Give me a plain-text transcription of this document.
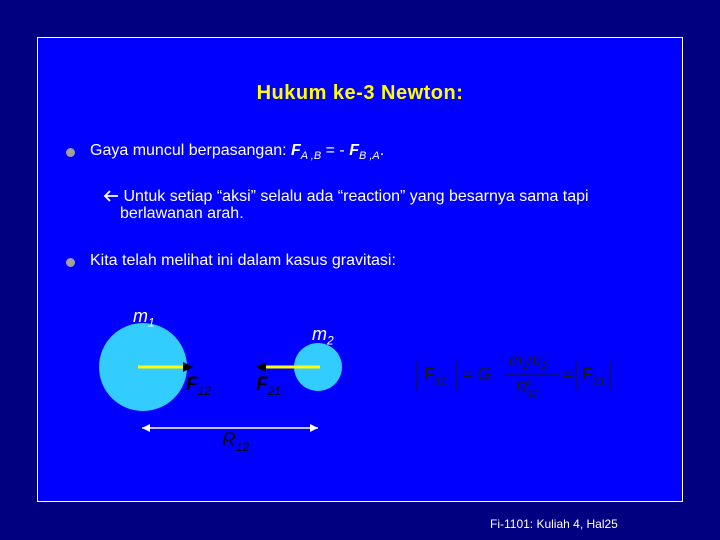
Hukum ke-3 Newton:
Gaya muncul berpasangan: $F_{A ,B}$ = - $F_{B ,A}$.
Untuk setiap “aksi” selalu ada “reaction” yang besarnya sama tapi
berlawanan arah.
Kita telah melihat ini dalam kasus gravitasi:
$m_1$
$m_2$
$F_{12}$ $F_{21}$
$R_{12}$
$F_{12} = G$
$m_1m_2$
$R_{12}^2$	= $F_{21}$
Fi-1101: Kuliah 4, Hal25
